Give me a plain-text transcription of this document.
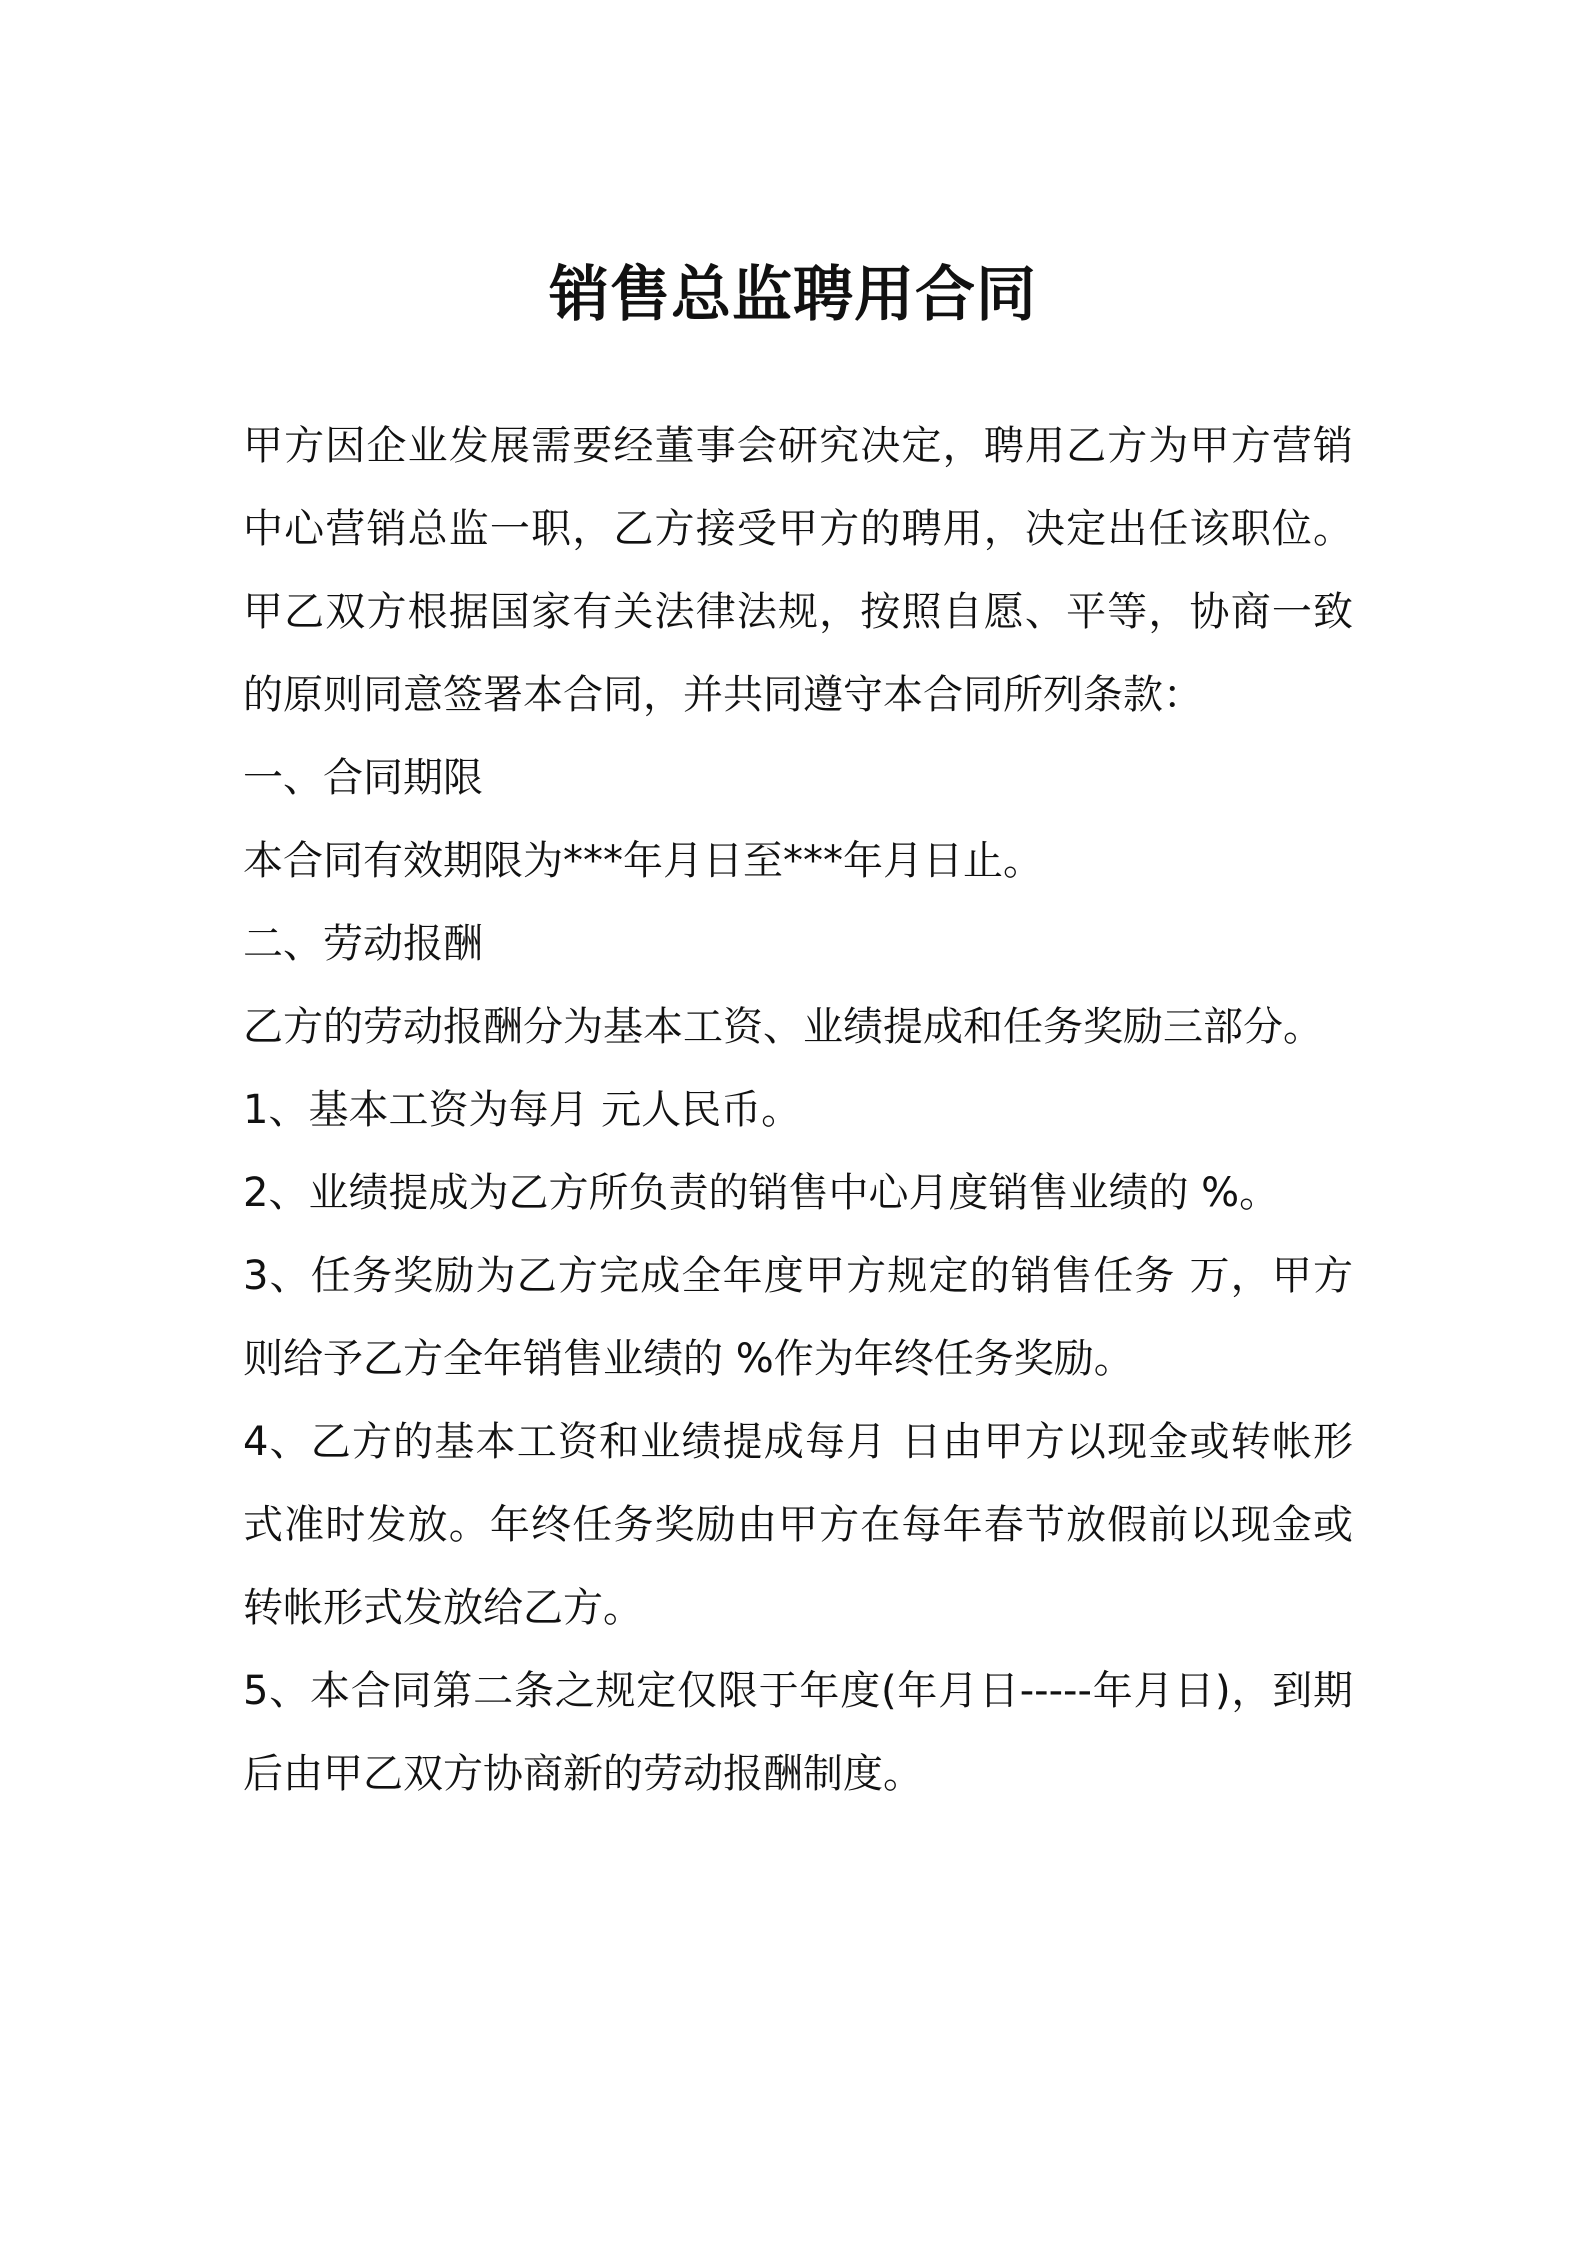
销售总监聘用合同

甲方因企业发展需要经董事会研究决定，聘用乙方为甲方营销中心营销总监一职，乙方接受甲方的聘用，决定出任该职位。甲乙双方根据国家有关法律法规，按照自愿、平等，协商一致的原则同意签署本合同，并共同遵守本合同所列条款：

一、合同期限

本合同有效期限为***年月日至***年月日止。

二、劳动报酬

乙方的劳动报酬分为基本工资、业绩提成和任务奖励三部分。

1、基本工资为每月 元人民币。

2、业绩提成为乙方所负责的销售中心月度销售业绩的 %。

3、任务奖励为乙方完成全年度甲方规定的销售任务 万，甲方则给予乙方全年销售业绩的 %作为年终任务奖励。

4、乙方的基本工资和业绩提成每月 日由甲方以现金或转帐形式准时发放。年终任务奖励由甲方在每年春节放假前以现金或转帐形式发放给乙方。

5、本合同第二条之规定仅限于年度(年月日-----年月日)，到期后由甲乙双方协商新的劳动报酬制度。
